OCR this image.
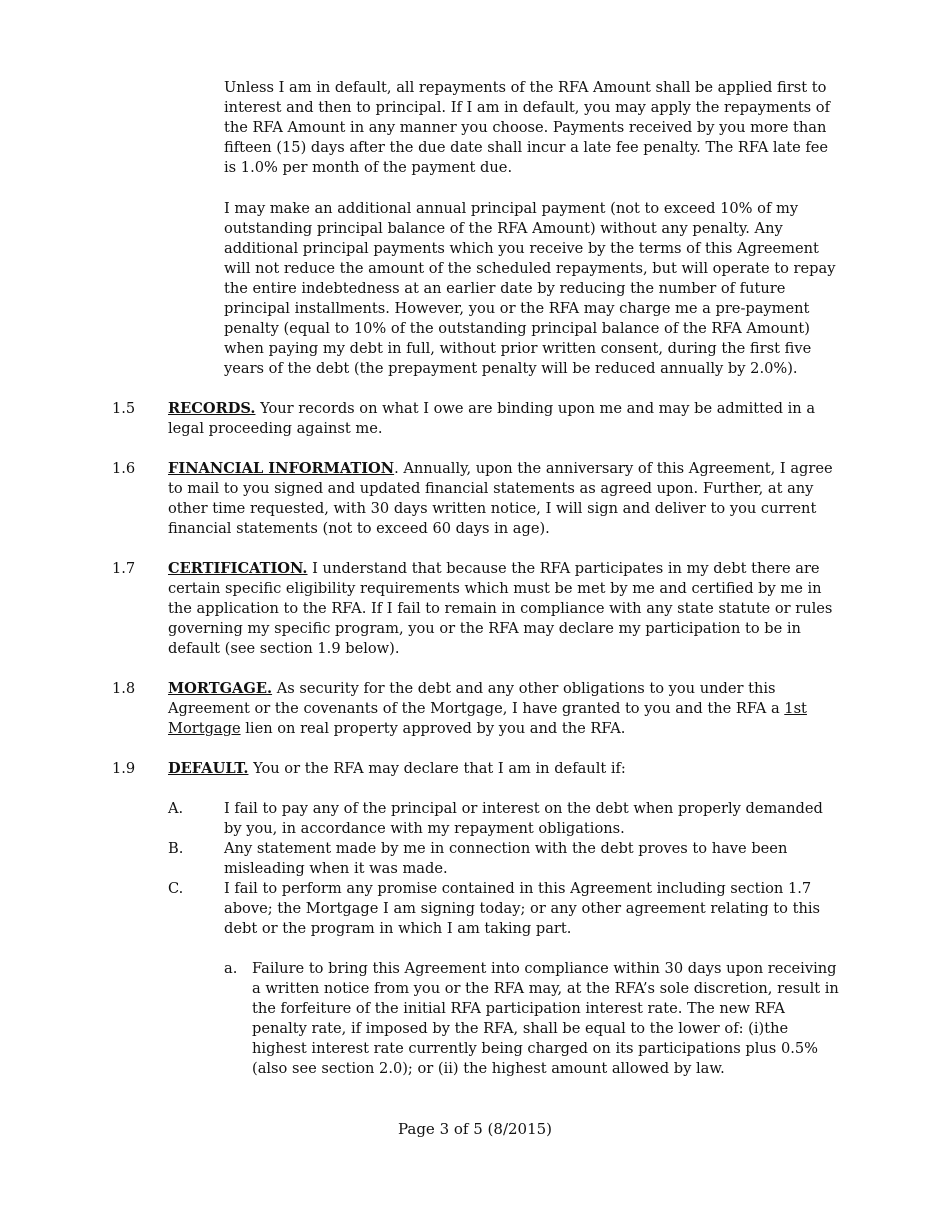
Unless I am in default, all repayments of the RFA Amount shall be applied first to interest and then to principal. If I am in default, you may apply the repayments of the RFA Amount in any manner you choose. Payments received by you more than fifteen (15) days after the due date shall incur a late fee penalty. The RFA late fee is 1.0% per month of the payment due.

I may make an additional annual principal payment (not to exceed 10% of my outstanding principal balance of the RFA Amount) without any penalty. Any additional principal payments which you receive by the terms of this Agreement will not reduce the amount of the scheduled repayments, but will operate to repay the entire indebtedness at an earlier date by reducing the number of future principal installments. However, you or the RFA may charge me a pre-payment penalty (equal to 10% of the outstanding principal balance of the RFA Amount) when paying my debt in full, without prior written consent, during the first five years of the debt (the prepayment penalty will be reduced annually by 2.0%).

1.5	RECORDS. Your records on what I owe are binding upon me and may be admitted in a legal proceeding against me.

1.6	FINANCIAL INFORMATION. Annually, upon the anniversary of this Agreement, I agree to mail to you signed and updated financial statements as agreed upon. Further, at any other time requested, with 30 days written notice, I will sign and deliver to you current financial statements (not to exceed 60 days in age).

1.7	CERTIFICATION. I understand that because the RFA participates in my debt there are certain specific eligibility requirements which must be met by me and certified by me in the application to the RFA. If I fail to remain in compliance with any state statute or rules governing my specific program, you or the RFA may declare my participation to be in default (see section 1.9 below).

1.8	MORTGAGE. As security for the debt and any other obligations to you under this Agreement or the covenants of the Mortgage, I have granted to you and the RFA a 1st Mortgage lien on real property approved by you and the RFA.

1.9	DEFAULT. You or the RFA may declare that I am in default if:

A.	I fail to pay any of the principal or interest on the debt when properly demanded by you, in accordance with my repayment obligations.

B.	Any statement made by me in connection with the debt proves to have been misleading when it was made.

C.	I fail to perform any promise contained in this Agreement including section 1.7 above; the Mortgage I am signing today; or any other agreement relating to this debt or the program in which I am taking part.

a.	Failure to bring this Agreement into compliance within 30 days upon receiving a written notice from you or the RFA may, at the RFA’s sole discretion, result in the forfeiture of the initial RFA participation interest rate. The new RFA penalty rate, if imposed by the RFA, shall be equal to the lower of: (i)the highest interest rate currently being charged on its participations plus 0.5% (also see section 2.0); or (ii) the highest amount allowed by law.

Page 3 of 5 (8/2015)
